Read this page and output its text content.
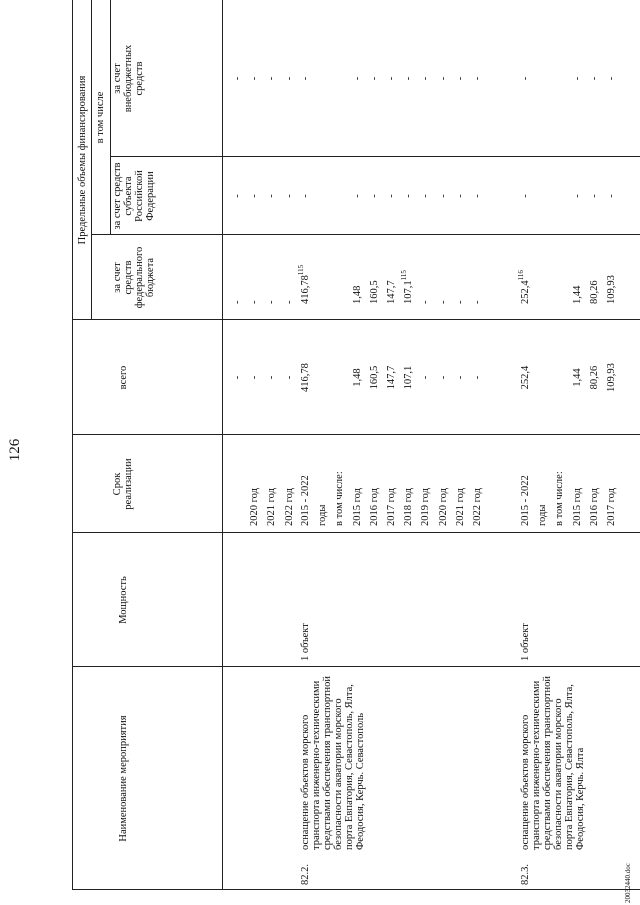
126
Наименование мероприятия
Мощность
Срок реализации
Предельные объемы финансирования
всего
в том числе
за счет средств федерального бюджета
за счет средств субъекта Российской Федерации
за счет внебюджетных средств
-
-
-
-
2020 год
-
-
-
-
2021 год
-
-
-
-
2022 год
-
-
-
-
82.2.
оснащение объектов морского транспорта инженерно-техническими средствами обеспечения транспортной безопасности акватории морского порта Евпатория, Севастополь, Ялта, Феодосия, Керчь. Севастополь
1 объект
2015 - 2022
416,78
416,78$^{115}$
-
-
годы в том числе: 2015 год
1,48
1,48
-
-
2016 год
160,5
160,5
-
-
2017 год
147,7
147,7
-
-
2018 год
107,1
107,1$^{115}$
-
-
2019 год
-
-
-
-
2020 год
-
-
-
-
2021 год
-
-
-
-
2022 год
-
-
-
-
82.3.
оснащение объектов морского транспорта инженерно-техническими средствами обеспечения транспортной безопасности акватории морского порта Евпатория, Севастополь, Ялта, Феодосия, Керчь. Ялта
1 объект
2015 - 2022
252,4
252,4$^{116}$
-
-
годы в том числе: 2015 год
1,44
1,44
-
-
2016 год
80,26
80,26
-
-
2017 год
109,93
109,93
-
-
20032440.doc
